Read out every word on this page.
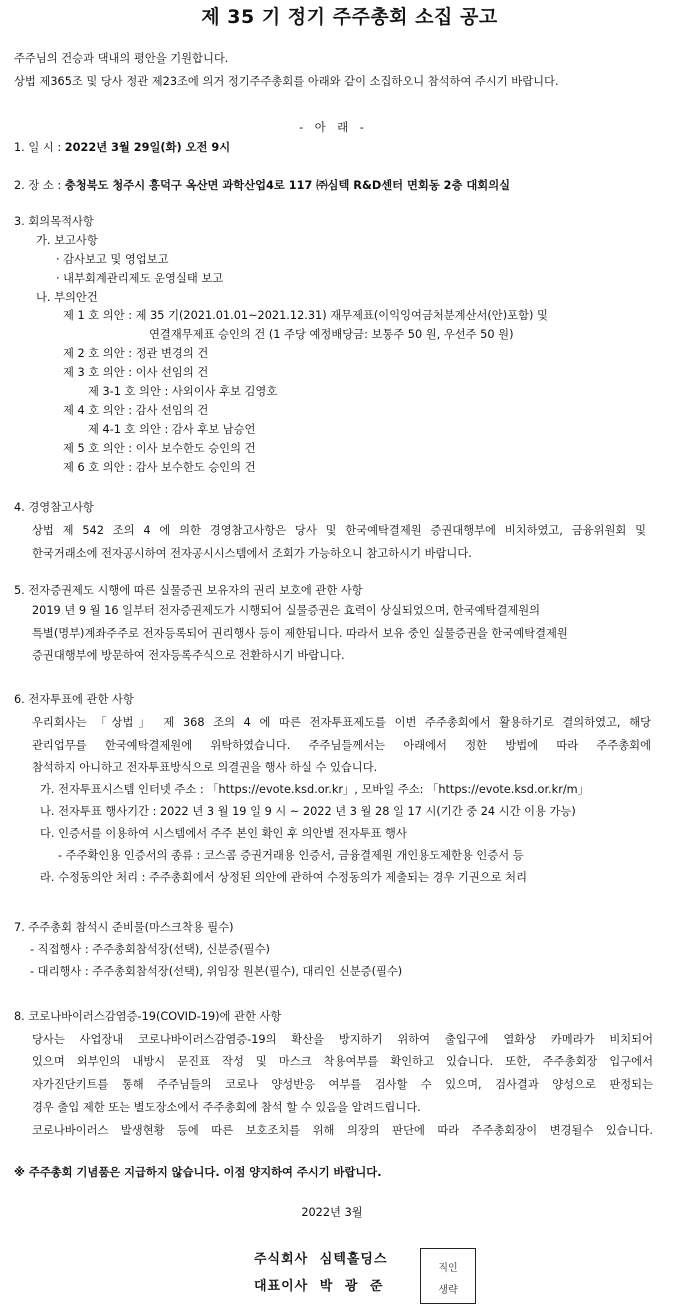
제 35 기 정기 주주총회 소집 공고
주주님의 건승과 댁내의 평안을 기원합니다.
상법 제365조 및 당사 정관 제23조에 의거 정기주주총회를 아래와 같이 소집하오니 참석하여 주시기 바랍니다.
- 아 래 -
1. 일 시 : 2022년 3월 29일(화) 오전 9시
2. 장 소 : 충청북도 청주시 흥덕구 옥산면 과학산업4로 117 ㈜심텍 R&D센터 면회동 2층 대회의실
3. 회의목적사항
가. 보고사항
· 감사보고 및 영업보고
· 내부회계관리제도 운영실태 보고
나. 부의안건
제 1 호 의안 : 제 35 기(2021.01.01~2021.12.31) 재무제표(이익잉여금처분계산서(안)포함) 및
연결재무제표 승인의 건 (1 주당 예정배당금: 보통주 50 원, 우선주 50 원)
제 2 호 의안 : 정관 변경의 건
제 3 호 의안 : 이사 선임의 건
제 3-1 호 의안 : 사외이사 후보 김영호
제 4 호 의안 : 감사 선임의 건
제 4-1 호 의안 : 감사 후보 남승언
제 5 호 의안 : 이사 보수한도 승인의 건
제 6 호 의안 : 감사 보수한도 승인의 건
4. 경영참고사항
상법 제 542 조의 4 에 의한 경영참고사항은 당사 및 한국예탁결제원 증권대행부에 비치하였고, 금융위원회 및
한국거래소에 전자공시하여 전자공시시스템에서 조회가 가능하오니 참고하시기 바랍니다.
5. 전자증권제도 시행에 따른 실물증권 보유자의 권리 보호에 관한 사항
2019 년 9 월 16 일부터 전자증권제도가 시행되어 실물증권은 효력이 상실되었으며, 한국예탁결제원의
특별(명부)계좌주주로 전자등록되어 권리행사 등이 제한됩니다. 따라서 보유 중인 실물증권을 한국예탁결제원
증권대행부에 방문하여 전자등록주식으로 전환하시기 바랍니다.
6. 전자투표에 관한 사항
우리회사는 「상법」 제 368 조의 4 에 따른 전자투표제도를 이번 주주총회에서 활용하기로 결의하였고, 해당
관리업무를 한국예탁결제원에 위탁하였습니다. 주주님들께서는 아래에서 정한 방법에 따라 주주총회에
참석하지 아니하고 전자투표방식으로 의결권을 행사 하실 수 있습니다.
가. 전자투표시스템 인터넷 주소 : 「https://evote.ksd.or.kr」, 모바일 주소: 「https://evote.ksd.or.kr/m」
나. 전자투표 행사기간 : 2022 년 3 월 19 일 9 시 ~ 2022 년 3 월 28 일 17 시(기간 중 24 시간 이용 가능)
다. 인증서를 이용하여 시스템에서 주주 본인 확인 후 의안별 전자투표 행사
- 주주확인용 인증서의 종류 : 코스콤 증권거래용 인증서, 금융결제원 개인용도제한용 인증서 등
라. 수정동의안 처리 : 주주총회에서 상정된 의안에 관하여 수정동의가 제출되는 경우 기권으로 처리
7. 주주총회 참석시 준비물(마스크착용 필수)
- 직접행사 : 주주총회참석장(선택), 신분증(필수)
- 대리행사 : 주주총회참석장(선택), 위임장 원본(필수), 대리인 신분증(필수)
8. 코로나바이러스감염증-19(COVID-19)에 관한 사항
당사는 사업장내 코로나바이러스감염증-19의 확산을 방지하기 위하여 출입구에 열화상 카메라가 비치되어
있으며 외부인의 내방시 문진표 작성 및 마스크 착용여부를 확인하고 있습니다. 또한, 주주총회장 입구에서
자가진단키트를 통해 주주님들의 코로나 양성반응 여부를 검사할 수 있으며, 검사결과 양성으로 판정되는
경우 출입 제한 또는 별도장소에서 주주총회에 참석 할 수 있음을 알려드립니다.
코로나바이러스 발생현황 등에 따른 보호조치를 위해 의장의 판단에 따라 주주총회장이 변경될수 있습니다.
※ 주주총회 기념품은 지급하지 않습니다. 이점 양지하여 주시기 바랍니다.
2022년 3월
주식회사 심텍홀딩스
대표이사 박 광 준
직인
생략
